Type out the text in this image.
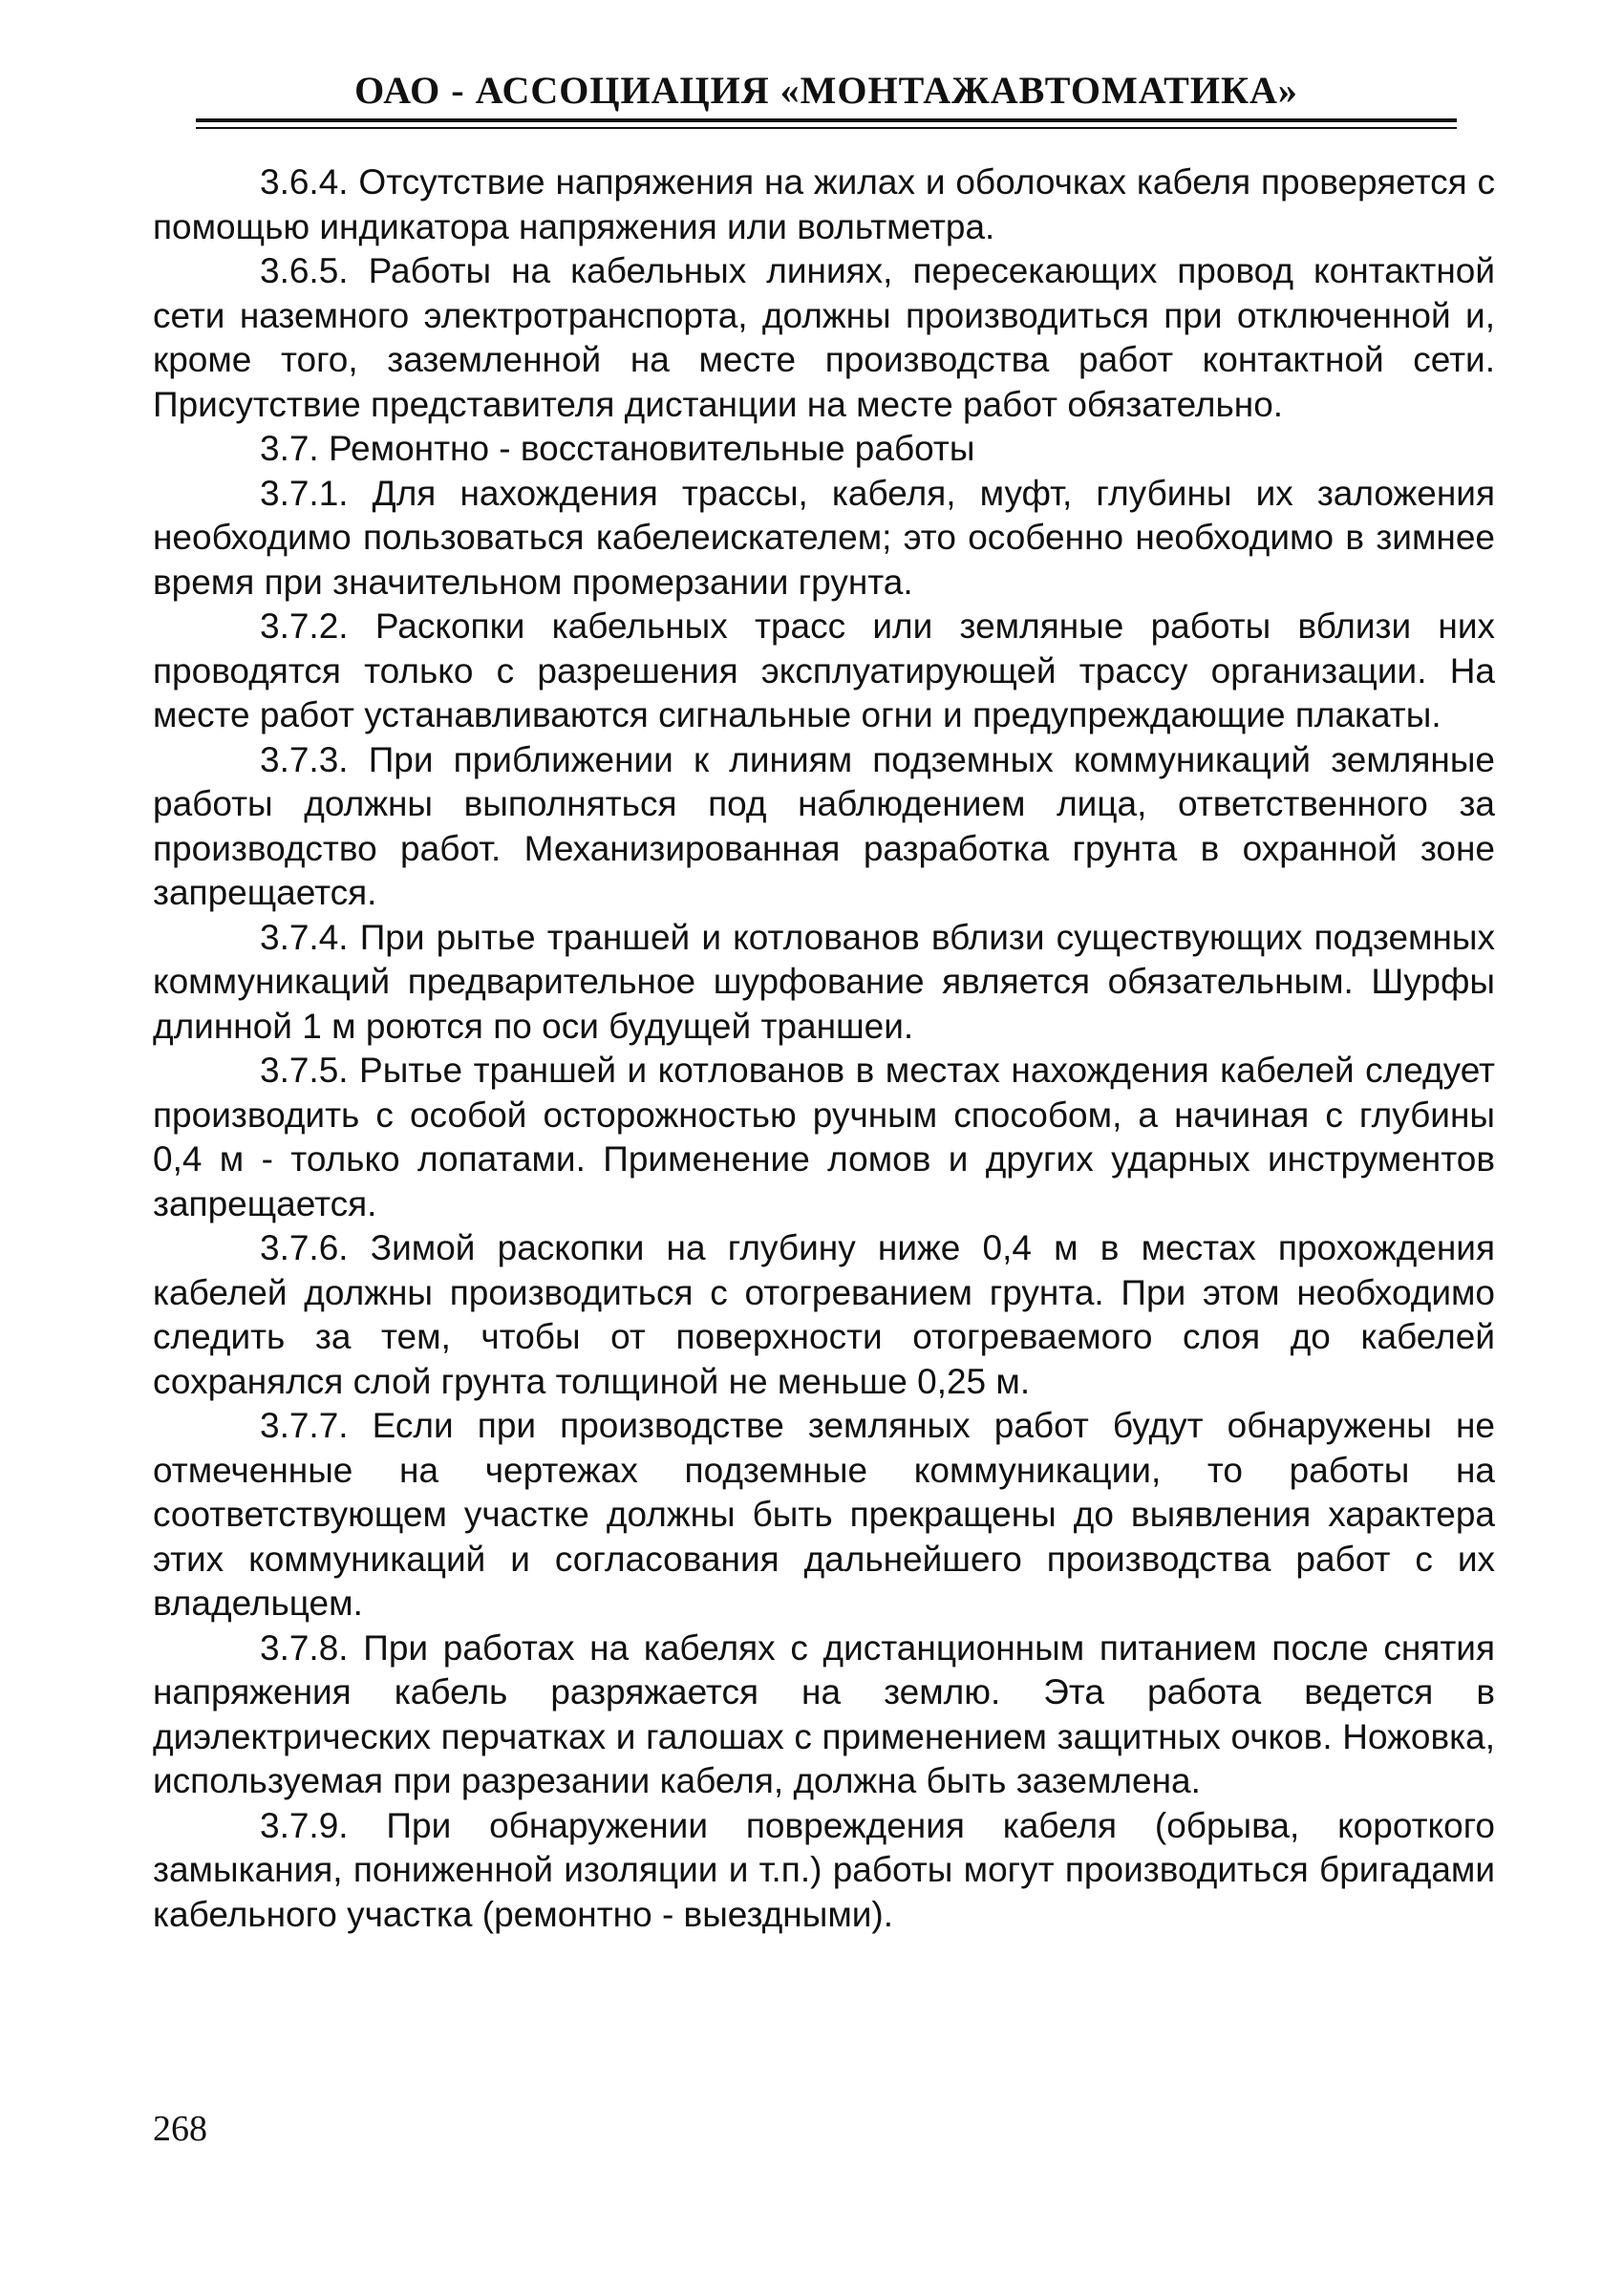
ОАО - АССОЦИАЦИЯ «МОНТАЖАВТОМАТИКА»

3.6.4. Отсутствие напряжения на жилах и оболочках кабеля проверяется с помощью индикатора напряжения или вольтметра.

3.6.5. Работы на кабельных линиях, пересекающих провод контактной сети наземного электротранспорта, должны производиться при отключенной и, кроме того, заземленной на месте производства работ контактной сети. Присутствие представителя дистанции на месте работ обязательно.

3.7. Ремонтно - восстановительные работы

3.7.1. Для нахождения трассы, кабеля, муфт, глубины их заложения необходимо пользоваться кабелеискателем; это особенно необходимо в зимнее время при значительном промерзании грунта.

3.7.2. Раскопки кабельных трасс или земляные работы вблизи них проводятся только с разрешения эксплуатирующей трассу организации. На месте работ устанавливаются сигнальные огни и предупреждающие плакаты.

3.7.3. При приближении к линиям подземных коммуникаций земляные работы должны выполняться под наблюдением лица, ответственного за производство работ. Механизированная разработка грунта в охранной зоне запрещается.

3.7.4. При рытье траншей и котлованов вблизи существующих подземных коммуникаций предварительное шурфование является обязательным. Шурфы длинной 1 м роются по оси будущей траншеи.

3.7.5. Рытье траншей и котлованов в местах нахождения кабелей следует производить с особой осторожностью ручным способом, а начиная с глубины 0,4 м - только лопатами. Применение ломов и других ударных инструментов запрещается.

3.7.6. Зимой раскопки на глубину ниже 0,4 м в местах прохождения кабелей должны производиться с отогреванием грунта. При этом необходимо следить за тем, чтобы от поверхности отогреваемого слоя до кабелей сохранялся слой грунта толщиной не меньше 0,25 м.

3.7.7. Если при производстве земляных работ будут обнаружены не отмеченные на чертежах подземные коммуникации, то работы на соответствующем участке должны быть прекращены до выявления характера этих коммуникаций и согласования дальнейшего производства работ с их владельцем.

3.7.8. При работах на кабелях с дистанционным питанием после снятия напряжения кабель разряжается на землю. Эта работа ведется в диэлектрических перчатках и галошах с применением защитных очков. Ножовка, используемая при разрезании кабеля, должна быть заземлена.

3.7.9. При обнаружении повреждения кабеля (обрыва, короткого замыкания, пониженной изоляции и т.п.) работы могут производиться бригадами кабельного участка (ремонтно - выездными).

268
